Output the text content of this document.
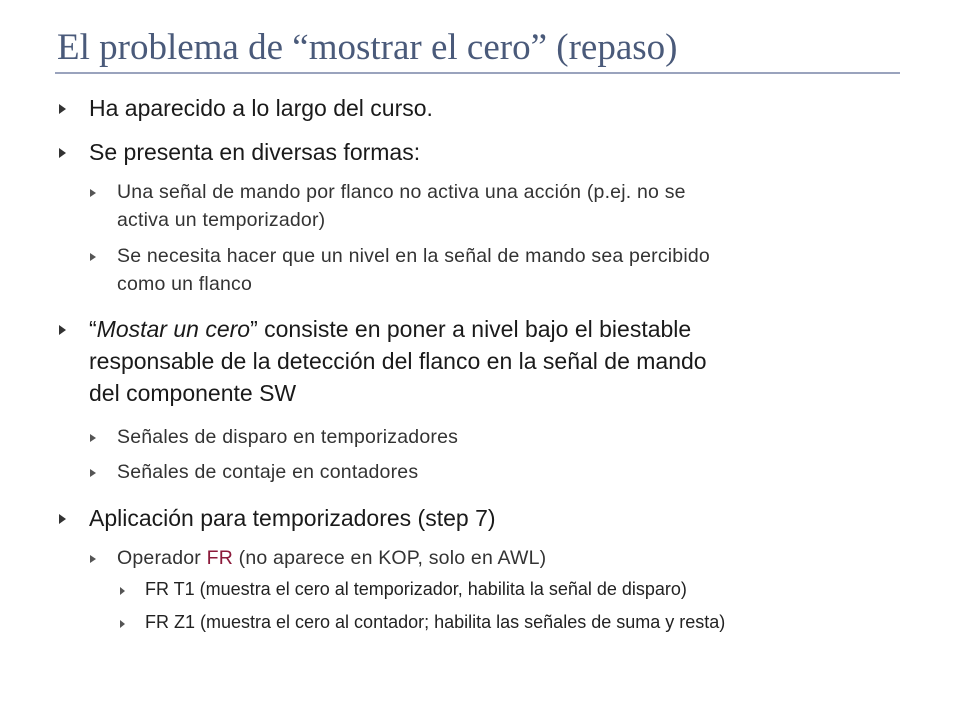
El problema de “mostrar el cero” (repaso)
Ha aparecido a lo largo del curso.
Se presenta en diversas formas:
Una señal de mando por flanco no activa una acción (p.ej. no se
activa un temporizador)
Se necesita hacer que un nivel en la señal de mando sea percibido
como un flanco
“Mostar un cero” consiste en poner a nivel bajo el biestable
responsable de la detección del flanco en la señal de mando
del componente SW
Señales de disparo en temporizadores
Señales de contaje en contadores
Aplicación para temporizadores (step 7)
Operador FR (no aparece en KOP, solo en AWL)
FR T1 (muestra el cero al temporizador, habilita la señal de disparo)
FR Z1 (muestra el cero al contador; habilita las señales de suma y resta)
